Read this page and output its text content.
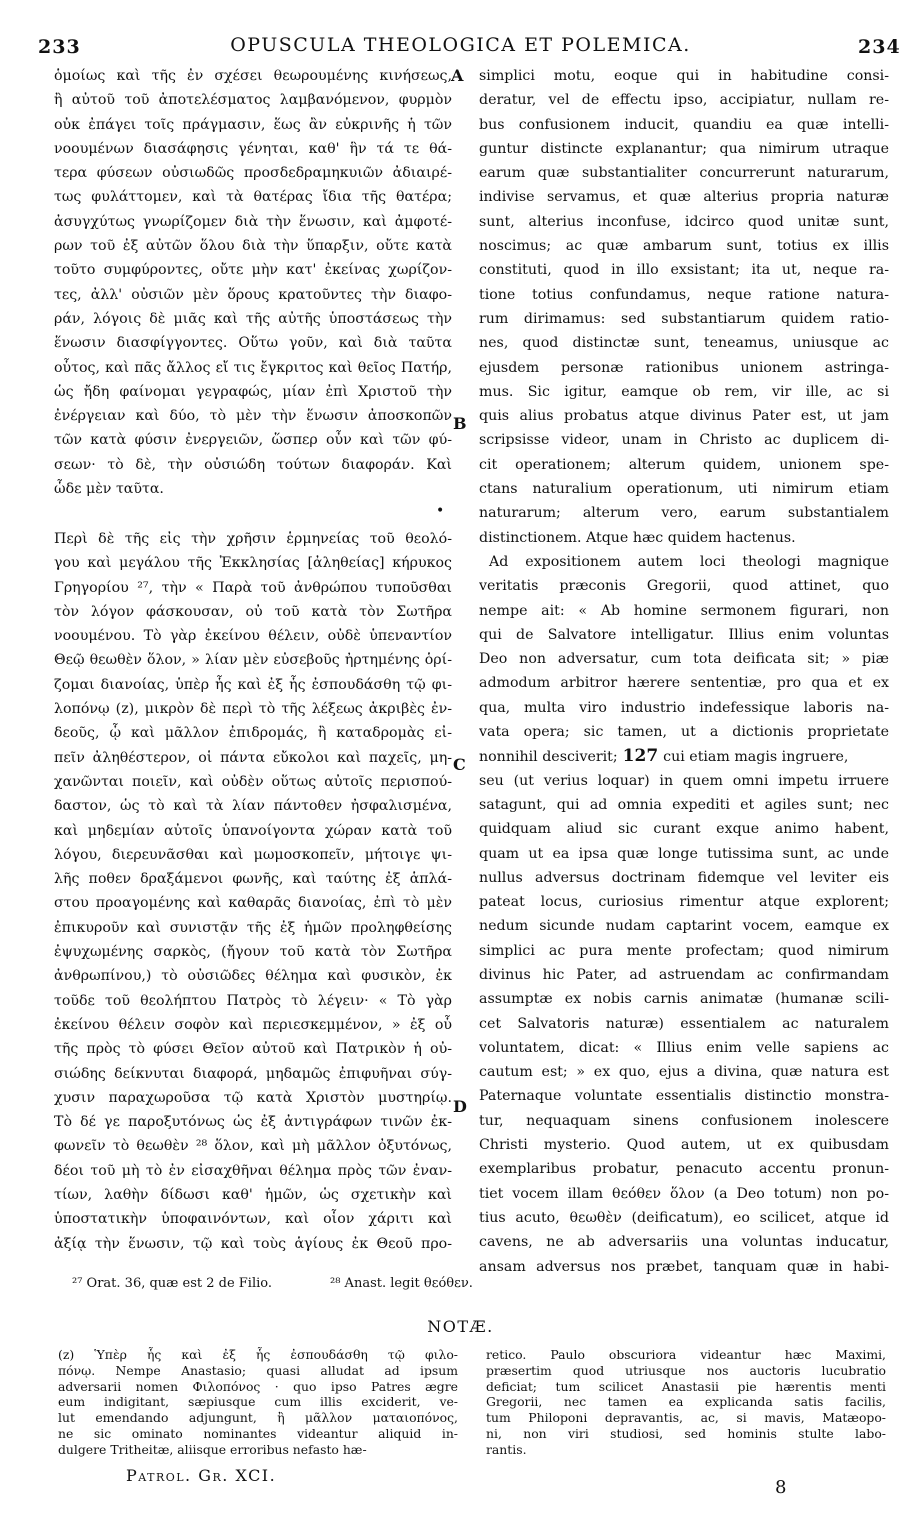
233	OPUSCULA THEOLOGICA ET POLEMICA.	234
ὁμοίως καὶ τῆς ἐν σχέσει θεωρουμένης κινήσεως,
ἢ αὐτοῦ τοῦ ἀποτελέσματος λαμβανόμενον, φυρμὸν
οὐκ ἐπάγει τοῖς πράγμασιν, ἕως ἂν εὐκρινῆς ἡ τῶν
νοουμένων διασάφησις γένηται, καθ' ἣν τά τε θά-
τερα φύσεων οὐσιωδῶς προσδεδραμηκυιῶν ἀδιαιρέ-
τως φυλάττομεν, καὶ τὰ θατέρας ἴδια τῆς θατέρα;
ἀσυγχύτως γνωρίζομεν διὰ τὴν ἕνωσιν, καὶ ἀμφοτέ-
ρων τοῦ ἐξ αὐτῶν ὅλου διὰ τὴν ὕπαρξιν, οὔτε κατὰ
τοῦτο συμφύροντες, οὔτε μὴν κατ' ἐκείνας χωρίζον-
τες, ἀλλ' οὐσιῶν μὲν ὅρους κρατοῦντες τὴν διαφο-
ράν, λόγοις δὲ μιᾶς καὶ τῆς αὐτῆς ὑποστάσεως τὴν
ἕνωσιν διασφίγγοντες. Οὕτω γοῦν, καὶ διὰ ταῦτα
οὗτος, καὶ πᾶς ἄλλος εἴ τις ἔγκριτος καὶ θεῖος Πατήρ,
ὡς ἤδη φαίνομαι γεγραφώς, μίαν ἐπὶ Χριστοῦ τὴν
ἐνέργειαν καὶ δύο, τὸ μὲν τὴν ἕνωσιν ἀποσκοπῶν
τῶν κατὰ φύσιν ἐνεργειῶν, ὥσπερ οὖν καὶ τῶν φύ-
σεων· τὸ δὲ, τὴν οὐσιώδη τούτων διαφοράν. Καὶ
ὧδε μὲν ταῦτα.
•
Περὶ δὲ τῆς εἰς τὴν χρῆσιν ἑρμηνείας τοῦ θεολό-
γου καὶ μεγάλου τῆς Ἐκκλησίας [ἀληθείας] κήρυκος
Γρηγορίου ²⁷, τὴν « Παρὰ τοῦ ἀνθρώπου τυποῦσθαι
τὸν λόγον φάσκουσαν, οὐ τοῦ κατὰ τὸν Σωτῆρα
νοουμένου. Τὸ γὰρ ἐκείνου θέλειν, οὐδὲ ὑπεναντίον
Θεῷ θεωθὲν ὅλον, » λίαν μὲν εὐσεβοῦς ἠρτημένης ὁρί-
ζομαι διανοίας, ὑπὲρ ἧς καὶ ἐξ ἧς ἐσπουδάσθη τῷ φι-
λοπόνῳ (z), μικρὸν δὲ περὶ τὸ τῆς λέξεως ἀκριβὲς ἐν-
δεοῦς, ᾧ καὶ μᾶλλον ἐπιδρομάς, ἢ καταδρομὰς εἰ-
πεῖν ἀληθέστερον, οἱ πάντα εὔκολοι καὶ παχεῖς, μη-
χανῶνται ποιεῖν, καὶ οὐδὲν οὕτως αὐτοῖς περισπού-
δαστον, ὡς τὸ καὶ τὰ λίαν πάντοθεν ἠσφαλισμένα,
καὶ μηδεμίαν αὐτοῖς ὑπανοίγοντα χώραν κατὰ τοῦ
λόγου, διερευνᾶσθαι καὶ μωμοσκοπεῖν, μήτοιγε ψι-
λῆς ποθεν δραξάμενοι φωνῆς, καὶ ταύτης ἐξ ἁπλά-
στου προαγομένης καὶ καθαρᾶς διανοίας, ἐπὶ τὸ μὲν
ἐπικυροῦν καὶ συνιστᾷν τῆς ἐξ ἡμῶν προληφθείσης
ἐψυχωμένης σαρκὸς, (ἤγουν τοῦ κατὰ τὸν Σωτῆρα
ἀνθρωπίνου,) τὸ οὐσιῶδες θέλημα καὶ φυσικὸν, ἐκ
τοῦδε τοῦ θεολήπτου Πατρὸς τὸ λέγειν· « Τὸ γὰρ
ἐκείνου θέλειν σοφὸν καὶ περιεσκεμμένον, » ἐξ οὗ
τῆς πρὸς τὸ φύσει Θεῖον αὐτοῦ καὶ Πατρικὸν ἡ οὐ-
σιώδης δείκνυται διαφορά, μηδαμῶς ἐπιφυῆναι σύγ-
χυσιν παραχωροῦσα τῷ κατὰ Χριστὸν μυστηρίῳ.
Τὸ δέ γε παροξυτόνως ὡς ἐξ ἀντιγράφων τινῶν ἐκ-
φωνεῖν τὸ θεωθὲν ²⁸ ὅλον, καὶ μὴ μᾶλλον ὀξυτόνως,
δέοι τοῦ μὴ τὸ ἐν εἰσαχθῆναι θέλημα πρὸς τῶν ἐναν-
τίων, λαθὴν δίδωσι καθ' ἡμῶν, ὡς σχετικὴν καὶ
ὑποστατικὴν ὑποφαινόντων, καὶ οἷον χάριτι καὶ
ἀξίᾳ τὴν ἕνωσιν, τῷ καὶ τοὺς ἁγίους ἐκ Θεοῦ προ-
simplici motu, eoque qui in habitudine consi-
deratur, vel de effectu ipso, accipiatur, nullam re-
bus confusionem inducit, quandiu ea quæ intelli-
guntur distincte explanantur; qua nimirum utraque
earum quæ substantialiter concurrerunt naturarum,
indivise servamus, et quæ alterius propria naturæ
sunt, alterius inconfuse, idcirco quod unitæ sunt,
noscimus; ac quæ ambarum sunt, totius ex illis
constituti, quod in illo exsistant; ita ut, neque ra-
tione totius confundamus, neque ratione natura-
rum dirimamus: sed substantiarum quidem ratio-
nes, quod distinctæ sunt, teneamus, uniusque ac
ejusdem personæ rationibus unionem astringa-
mus. Sic igitur, eamque ob rem, vir ille, ac si
quis alius probatus atque divinus Pater est, ut jam
scripsisse videor, unam in Christo ac duplicem di-
cit operationem; alterum quidem, unionem spe-
ctans naturalium operationum, uti nimirum etiam
naturarum; alterum vero, earum substantialem
distinctionem. Atque hæc quidem hactenus.
Ad expositionem autem loci theologi magnique
veritatis præconis Gregorii, quod attinet, quo
nempe ait: « Ab homine sermonem figurari, non
qui de Salvatore intelligatur. Illius enim voluntas
Deo non adversatur, cum tota deificata sit; » piæ
admodum arbitror hærere sententiæ, pro qua et ex
qua, multa viro industrio indefessique laboris na-
vata opera; sic tamen, ut a dictionis proprietate
nonnihil desciverit; 127 cui etiam magis ingruere,
seu (ut verius loquar) in quem omni impetu irruere
satagunt, qui ad omnia expediti et agiles sunt; nec
quidquam aliud sic curant exque animo habent,
quam ut ea ipsa quæ longe tutissima sunt, ac unde
nullus adversus doctrinam fidemque vel leviter eis
pateat locus, curiosius rimentur atque explorent;
nedum sicunde nudam captarint vocem, eamque ex
simplici ac pura mente profectam; quod nimirum
divinus hic Pater, ad astruendam ac confirmandam
assumptæ ex nobis carnis animatæ (humanæ scili-
cet Salvatoris naturæ) essentialem ac naturalem
voluntatem, dicat: « Illius enim velle sapiens ac
cautum est; » ex quo, ejus a divina, quæ natura est
Paternaque voluntate essentialis distinctio monstra-
tur, nequaquam sinens confusionem inolescere
Christi mysterio. Quod autem, ut ex quibusdam
exemplaribus probatur, penacuto accentu pronun-
tiet vocem illam θεόθεν ὅλον (a Deo totum) non po-
tius acuto, θεωθὲν (deificatum), eo scilicet, atque id
cavens, ne ab adversariis una voluntas inducatur,
ansam adversus nos præbet, tanquam quæ in habi-
A
B
C
D
²⁷ Orat. 36, quæ est 2 de Filio.	²⁸ Anast. legit θεόθεν.
NOTÆ.
(z) Ὑπὲρ ἧς καὶ ἐξ ἧς ἐσπουδάσθη τῷ φιλο-
πόνῳ. Nempe Anastasio; quasi alludat ad ipsum
adversarii nomen Φιλοπόνος · quo ipso Patres ægre
eum indigitant, sæpiusque cum illis exciderit, ve-
lut emendando adjungunt, ἢ μᾶλλον ματαιοπόνος,
ne sic ominato nominantes videantur aliquid in-
dulgere Tritheitæ, aliisque erroribus nefasto hæ-
retico. Paulo obscuriora videantur hæc Maximi,
præsertim quod utriusque nos auctoris lucubratio
deficiat; tum scilicet Anastasii pie hærentis menti
Gregorii, nec tamen ea explicanda satis facilis,
tum Philoponi depravantis, ac, si mavis, Matæopo-
ni, non viri studiosi, sed hominis stulte labo-
rantis.
Patrol. Gr. XCI.
8
